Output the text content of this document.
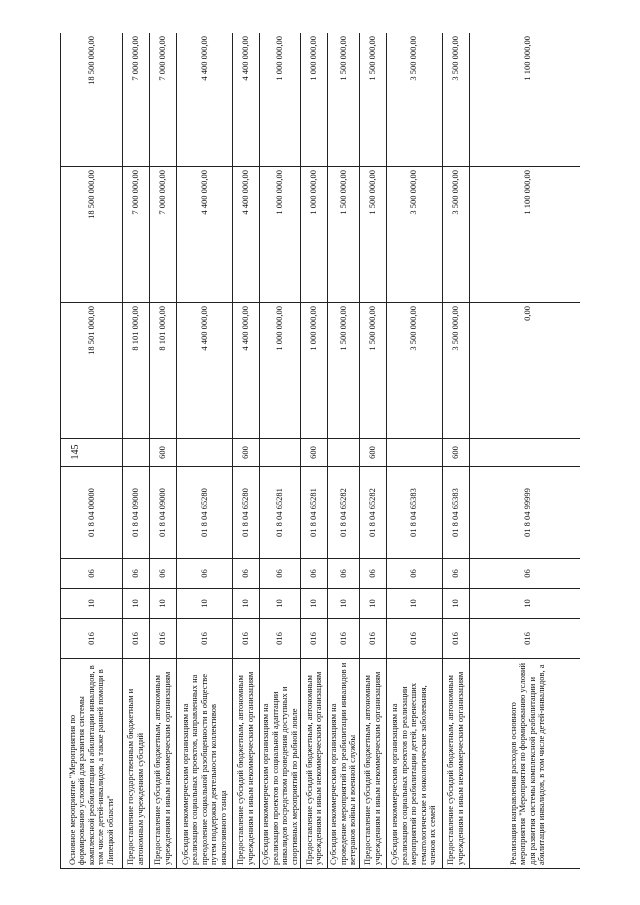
145
Основное мероприятие "Мероприятия по формированию условий для развития системы комплексной реабилитации и абилитации инвалидов, в том числе детей-инвалидов, а также ранней помощи в Липецкой области"	016	10	06	01 8 04 00000		18 501 000,00	18 500 000,00	18 500 000,00
Предоставление государственным бюджетным и автономным учреждениям субсидий	016	10	06	01 8 04 09000		8 101 000,00	7 000 000,00	7 000 000,00
Предоставление субсидий бюджетным, автономным учреждениям и иным некоммерческим организациям	016	10	06	01 8 04 09000	600	8 101 000,00	7 000 000,00	7 000 000,00
Субсидии некоммерческим организациям на реализацию социальных проектов, направленных на преодоление социальной разобщенности в обществе путем поддержки деятельности коллективов инклюзивного танца	016	10	06	01 8 04 65280		4 400 000,00	4 400 000,00	4 400 000,00
Предоставление субсидий бюджетным, автономным учреждениям и иным некоммерческим организациям	016	10	06	01 8 04 65280	600	4 400 000,00	4 400 000,00	4 400 000,00
Субсидии некоммерческим организациям на реализацию проектов по социальной адаптации инвалидов посредством проведения доступных и спортивных мероприятий по рыбной ловле	016	10	06	01 8 04 65281		1 000 000,00	1 000 000,00	1 000 000,00
Предоставление субсидий бюджетным, автономным учреждениям и иным некоммерческим организациям	016	10	06	01 8 04 65281	600	1 000 000,00	1 000 000,00	1 000 000,00
Субсидии некоммерческим организациям на проведение мероприятий по реабилитации инвалидов и ветеранов войны и военной службы	016	10	06	01 8 04 65282		1 500 000,00	1 500 000,00	1 500 000,00
Предоставление субсидий бюджетным, автономным учреждениям и иным некоммерческим организациям	016	10	06	01 8 04 65282	600	1 500 000,00	1 500 000,00	1 500 000,00
Субсидии некоммерческим организациям на реализацию социальных проектов по реализации мероприятий по реабилитации детей, перенесших гематологические и онкологические заболевания, членов их семей	016	10	06	01 8 04 65383		3 500 000,00	3 500 000,00	3 500 000,00
Предоставление субсидий бюджетным, автономным учреждениям и иным некоммерческим организациям	016	10	06	01 8 04 65383	600	3 500 000,00	3 500 000,00	3 500 000,00
Реализация направления расходов основного мероприятия "Мероприятия по формированию условий для развития системы комплексной реабилитации и абилитации инвалидов, в том числе детей-инвалидов, а	016	10	06	01 8 04 99999		0,00	1 100 000,00	1 100 000,00
